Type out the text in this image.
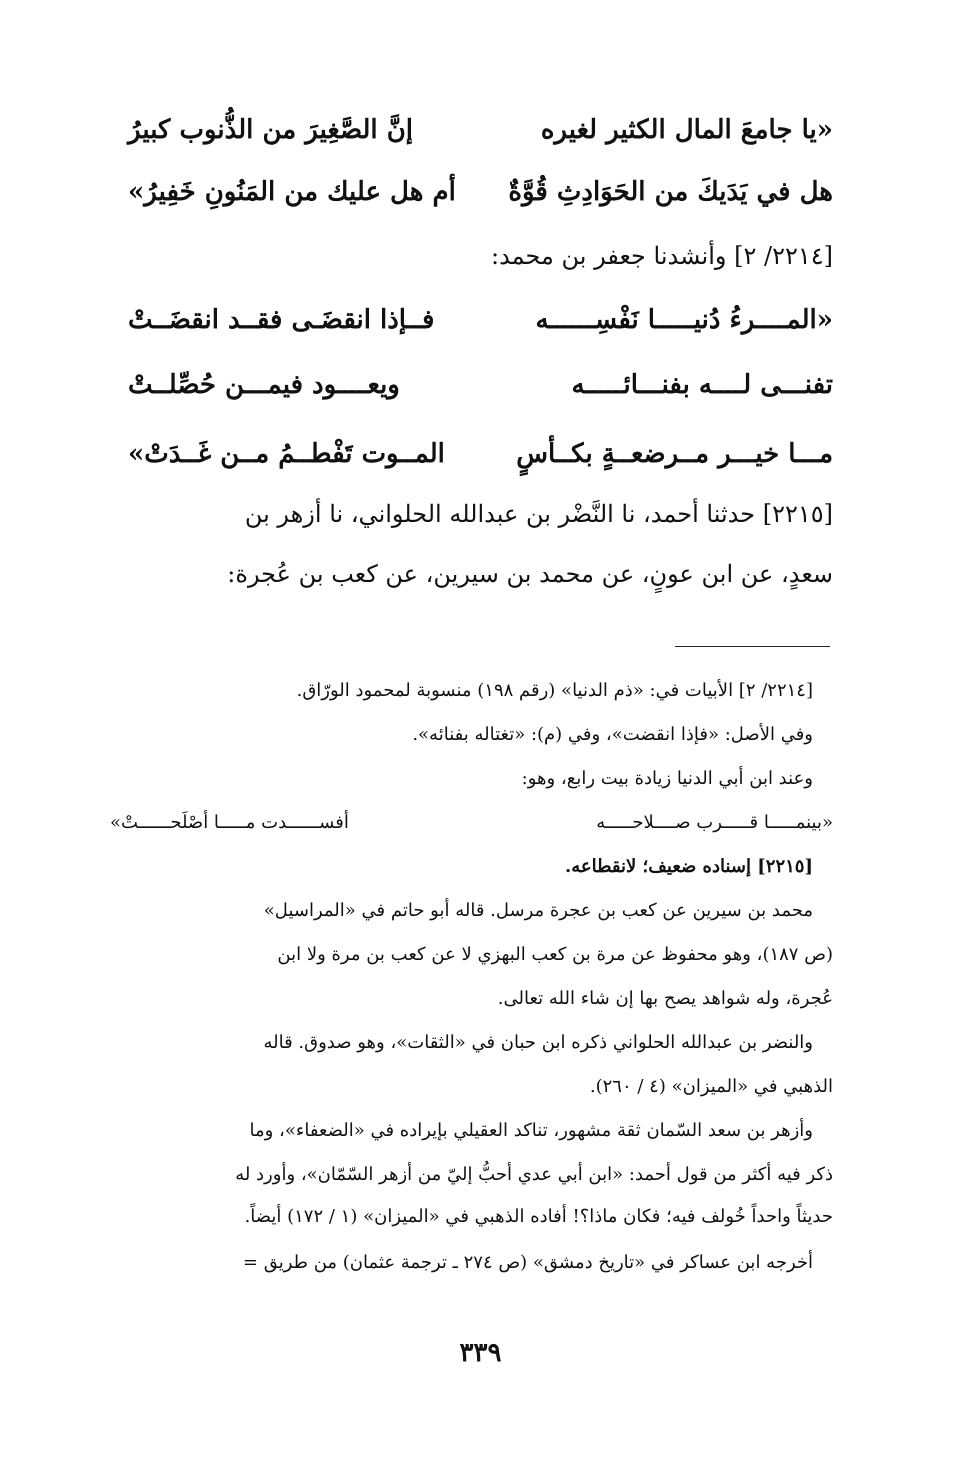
«يا جامعَ المال الكثير لغيره
إنَّ الصَّغِيرَ من الذُّنوب كبيرُ
هل في يَدَيكَ من الحَوَادِثِ قُوَّةٌ
أم هل عليك من المَنُونِ خَفِيرُ»
[٢٢١٤/ ٢] وأنشدنا جعفر بن محمد:
«المــــرءُ دُنيـــــا نَفْسِــــــه
فــإذا انقضَـى فقــد انقضَــتْ
تفنـــى لــــه بفنـــائـــــه
ويعــــود فيمـــن حُصِّلــتْ
مـــا خيـــر مــرضعــةٍ بكــأسٍ
المــوت تَفْطــمُ مــن غَــدَتْ»
[٢٢١٥] حدثنا أحمد، نا النَّضْر بن عبدالله الحلواني، نا أزهر بن
سعدٍ، عن ابن عونٍ، عن محمد بن سيرين، عن كعب بن عُجرة:
[٢٢١٤/ ٢] الأبيات في: «ذم الدنيا» (رقم ١٩٨) منسوبة لمحمود الورّاق.
وفي الأصل: «فإذا انقضت»، وفي (م): «تغتاله بفنائه».
وعند ابن أبي الدنيا زيادة بيت رابع، وهو:
«بينمـــــا قـــــرب صــــلاحـــــه
أفســــــدت مـــــا أصْلَحــــــتْ»
[٢٢١٥] إسناده ضعيف؛ لانقطاعه.
محمد بن سيرين عن كعب بن عجرة مرسل. قاله أبو حاتم في «المراسيل»
(ص ١٨٧)، وهو محفوظ عن مرة بن كعب البهزي لا عن كعب بن مرة ولا ابن
عُجرة، وله شواهد يصح بها إن شاء الله تعالى.
والنضر بن عبدالله الحلواني ذكره ابن حبان في «الثقات»، وهو صدوق. قاله
الذهبي في «الميزان» (٤ / ٢٦٠).
وأزهر بن سعد السّمان ثقة مشهور، تناكد العقيلي بإيراده في «الضعفاء»، وما
ذكر فيه أكثر من قول أحمد: «ابن أبي عدي أحبُّ إليّ من أزهر السّمّان»، وأورد له
حديثاً واحداً خُولف فيه؛ فكان ماذا؟! أفاده الذهبي في «الميزان» (١ / ١٧٢) أيضاً.
أخرجه ابن عساكر في «تاريخ دمشق» (ص ٢٧٤ ـ ترجمة عثمان) من طريق =
٣٣٩
